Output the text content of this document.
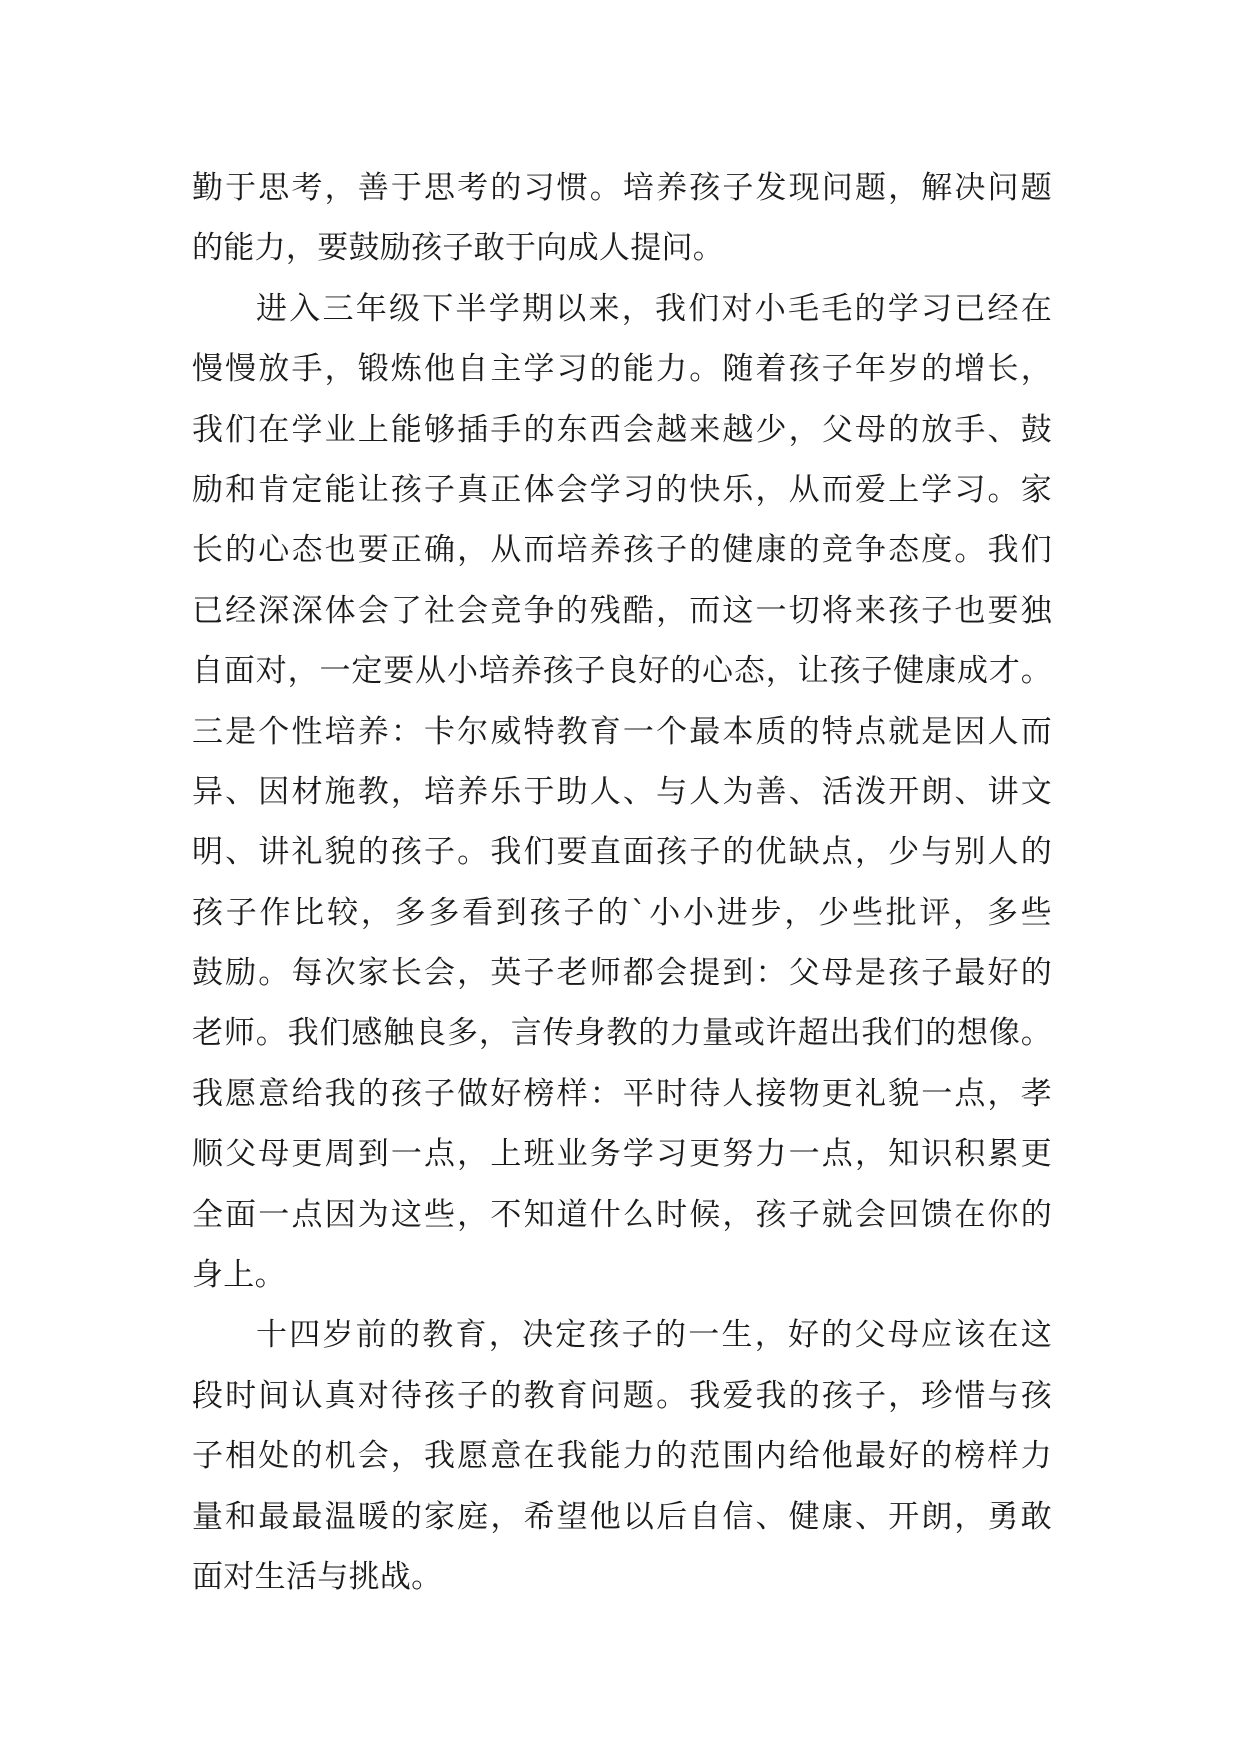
勤于思考，善于思考的习惯。培养孩子发现问题，解决问题
的能力，要鼓励孩子敢于向成人提问。
进入三年级下半学期以来，我们对小毛毛的学习已经在
慢慢放手，锻炼他自主学习的能力。随着孩子年岁的增长，
我们在学业上能够插手的东西会越来越少，父母的放手、鼓
励和肯定能让孩子真正体会学习的快乐，从而爱上学习。家
长的心态也要正确，从而培养孩子的健康的竞争态度。我们
已经深深体会了社会竞争的残酷，而这一切将来孩子也要独
自面对，一定要从小培养孩子良好的心态，让孩子健康成才。
三是个性培养：卡尔威特教育一个最本质的特点就是因人而
异、因材施教，培养乐于助人、与人为善、活泼开朗、讲文
明、讲礼貌的孩子。我们要直面孩子的优缺点，少与别人的
孩子作比较，多多看到孩子的`小小进步，少些批评，多些
鼓励。每次家长会，英子老师都会提到：父母是孩子最好的
老师。我们感触良多，言传身教的力量或许超出我们的想像。
我愿意给我的孩子做好榜样：平时待人接物更礼貌一点，孝
顺父母更周到一点，上班业务学习更努力一点，知识积累更
全面一点因为这些，不知道什么时候，孩子就会回馈在你的
身上。
十四岁前的教育，决定孩子的一生，好的父母应该在这
段时间认真对待孩子的教育问题。我爱我的孩子，珍惜与孩
子相处的机会，我愿意在我能力的范围内给他最好的榜样力
量和最最温暖的家庭，希望他以后自信、健康、开朗，勇敢
面对生活与挑战。
